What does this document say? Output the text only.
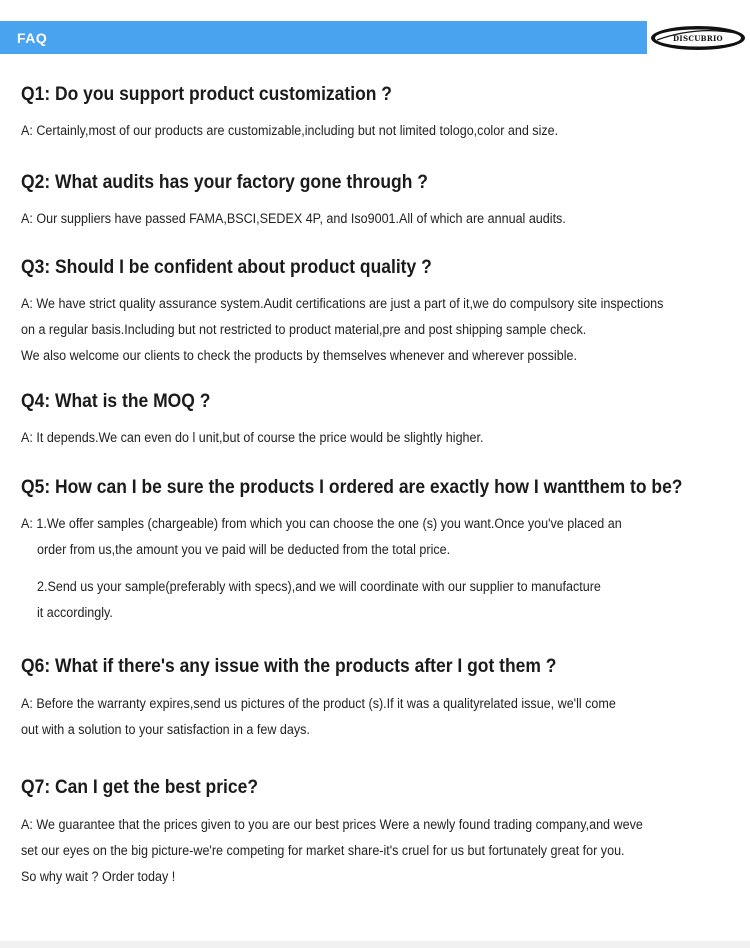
FAQ	DISCUBRIO
Q1: Do you support product customization ?
A: Certainly,most of our products are customizable,including but not limited tologo,color and size.
Q2: What audits has your factory gone through ?
A: Our suppliers have passed FAMA,BSCI,SEDEX 4P, and Iso9001.All of which are annual audits.
Q3: Should I be confident about product quality ?
A: We have strict quality assurance system.Audit certifications are just a part of it,we do compulsory site inspections
on a regular basis.Including but not restricted to product material,pre and post shipping sample check.
We also welcome our clients to check the products by themselves whenever and wherever possible.
Q4: What is the MOQ ?
A: It depends.We can even do l unit,but of course the price would be slightly higher.
Q5: How can I be sure the products I ordered are exactly how I wantthem to be?
A: 1.We offer samples (chargeable) from which you can choose the one (s) you want.Once you've placed an
order from us,the amount you ve paid will be deducted from the total price.
2.Send us your sample(preferably with specs),and we will coordinate with our supplier to manufacture
it accordingly.
Q6: What if there's any issue with the products after I got them ?
A: Before the warranty expires,send us pictures of the product (s).If it was a qualityrelated issue, we'll come
out with a solution to your satisfaction in a few days.
Q7: Can I get the best price?
A: We guarantee that the prices given to you are our best prices Were a newly found trading company,and weve
set our eyes on the big picture-we're competing for market share-it's cruel for us but fortunately great for you.
So why wait ? Order today !
